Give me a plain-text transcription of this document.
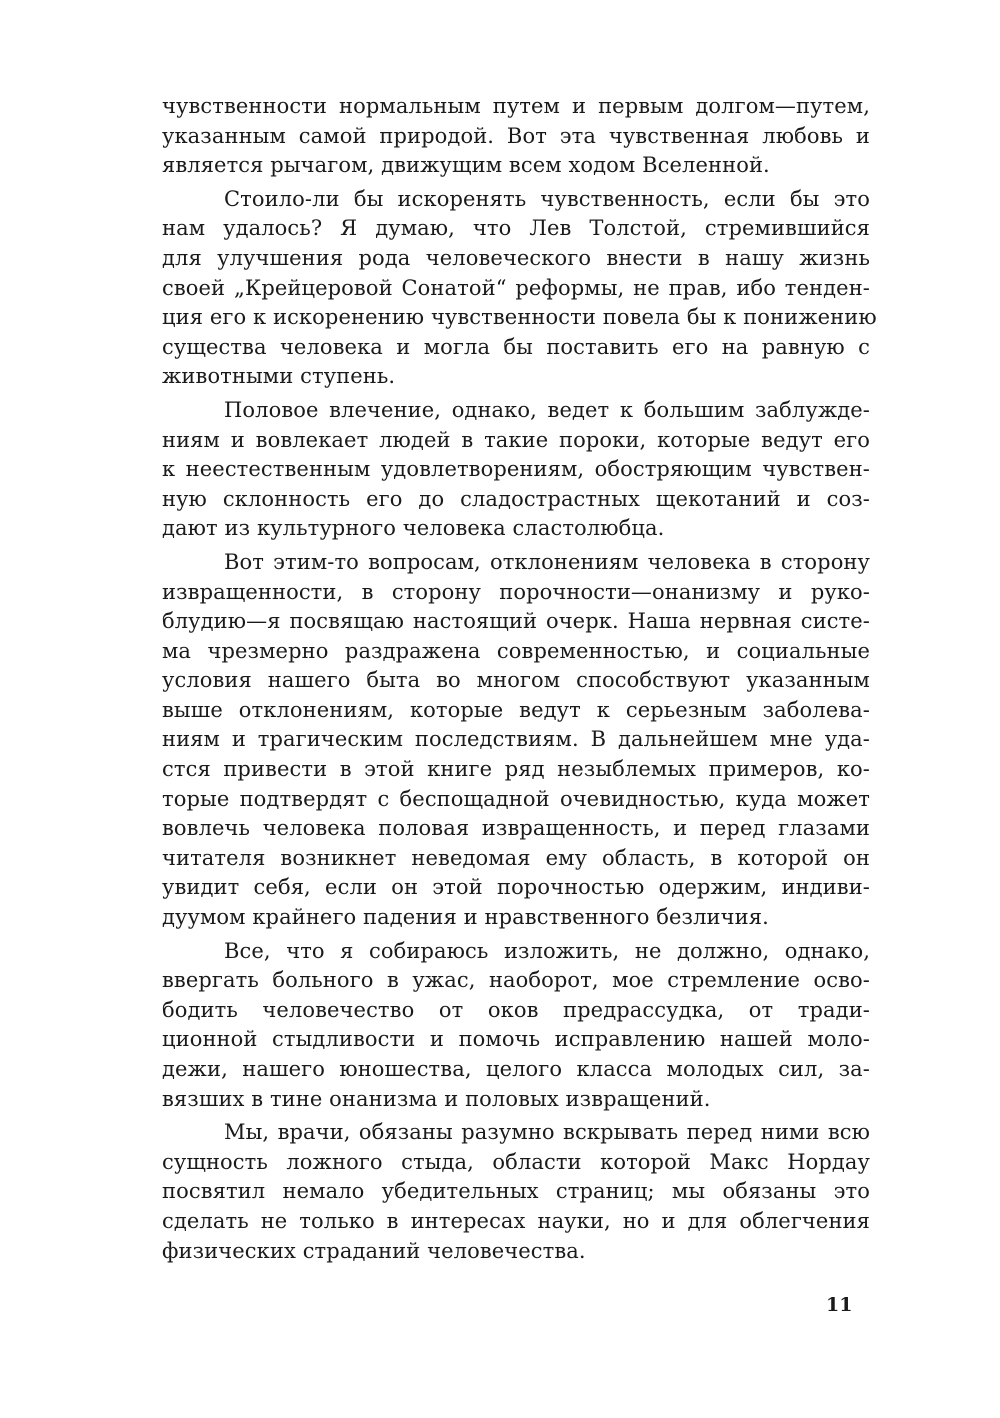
чувственности нормальным путем и первым долгом—путем,
указанным самой природой. Вот эта чувственная любовь и
является рычагом, движущим всем ходом Вселенной.
Стоило-ли бы искоренять чувственность, если бы это
нам удалось? Я думаю, что Лев Толстой, стремившийся
для улучшения рода человеческого внести в нашу жизнь
своей „Крейцеровой Сонатой“ реформы, не прав, ибо тенден-
ция его к искоренению чувственности повела бы к понижению
существа человека и могла бы поставить его на равную с
животными ступень.
Половое влечение, однако, ведет к большим заблужде-
ниям и вовлекает людей в такие пороки, которые ведут его
к неестественным удовлетворениям, обостряющим чувствен-
ную склонность его до сладострастных щекотаний и соз-
дают из культурного человека сластолюбца.
Вот этим-то вопросам, отклонениям человека в сторону
извращенности, в сторону порочности—онанизму и руко-
блудию—я посвящаю настоящий очерк. Наша нервная систе-
ма чрезмерно раздражена современностью, и социальные
условия нашего быта во многом способствуют указанным
выше отклонениям, которые ведут к серьезным заболева-
ниям и трагическим последствиям. В дальнейшем мне уда-
стся привести в этой книге ряд незыблемых примеров, ко-
торые подтвердят с беспощадной очевидностью, куда может
вовлечь человека половая извращенность, и перед глазами
читателя возникнет неведомая ему область, в которой он
увидит себя, если он этой порочностью одержим, индиви-
дуумом крайнего падения и нравственного безличия.
Все, что я собираюсь изложить, не должно, однако,
ввергать больного в ужас, наоборот, мое стремление осво-
бодить человечество от оков предрассудка, от тради-
ционной стыдливости и помочь исправлению нашей моло-
дежи, нашего юношества, целого класса молодых сил, за-
вязших в тине онанизма и половых извращений.
Мы, врачи, обязаны разумно вскрывать перед ними всю
сущность ложного стыда, области которой Макс Нордау
посвятил немало убедительных страниц; мы обязаны это
сделать не только в интересах науки, но и для облегчения
физических страданий человечества.
11
